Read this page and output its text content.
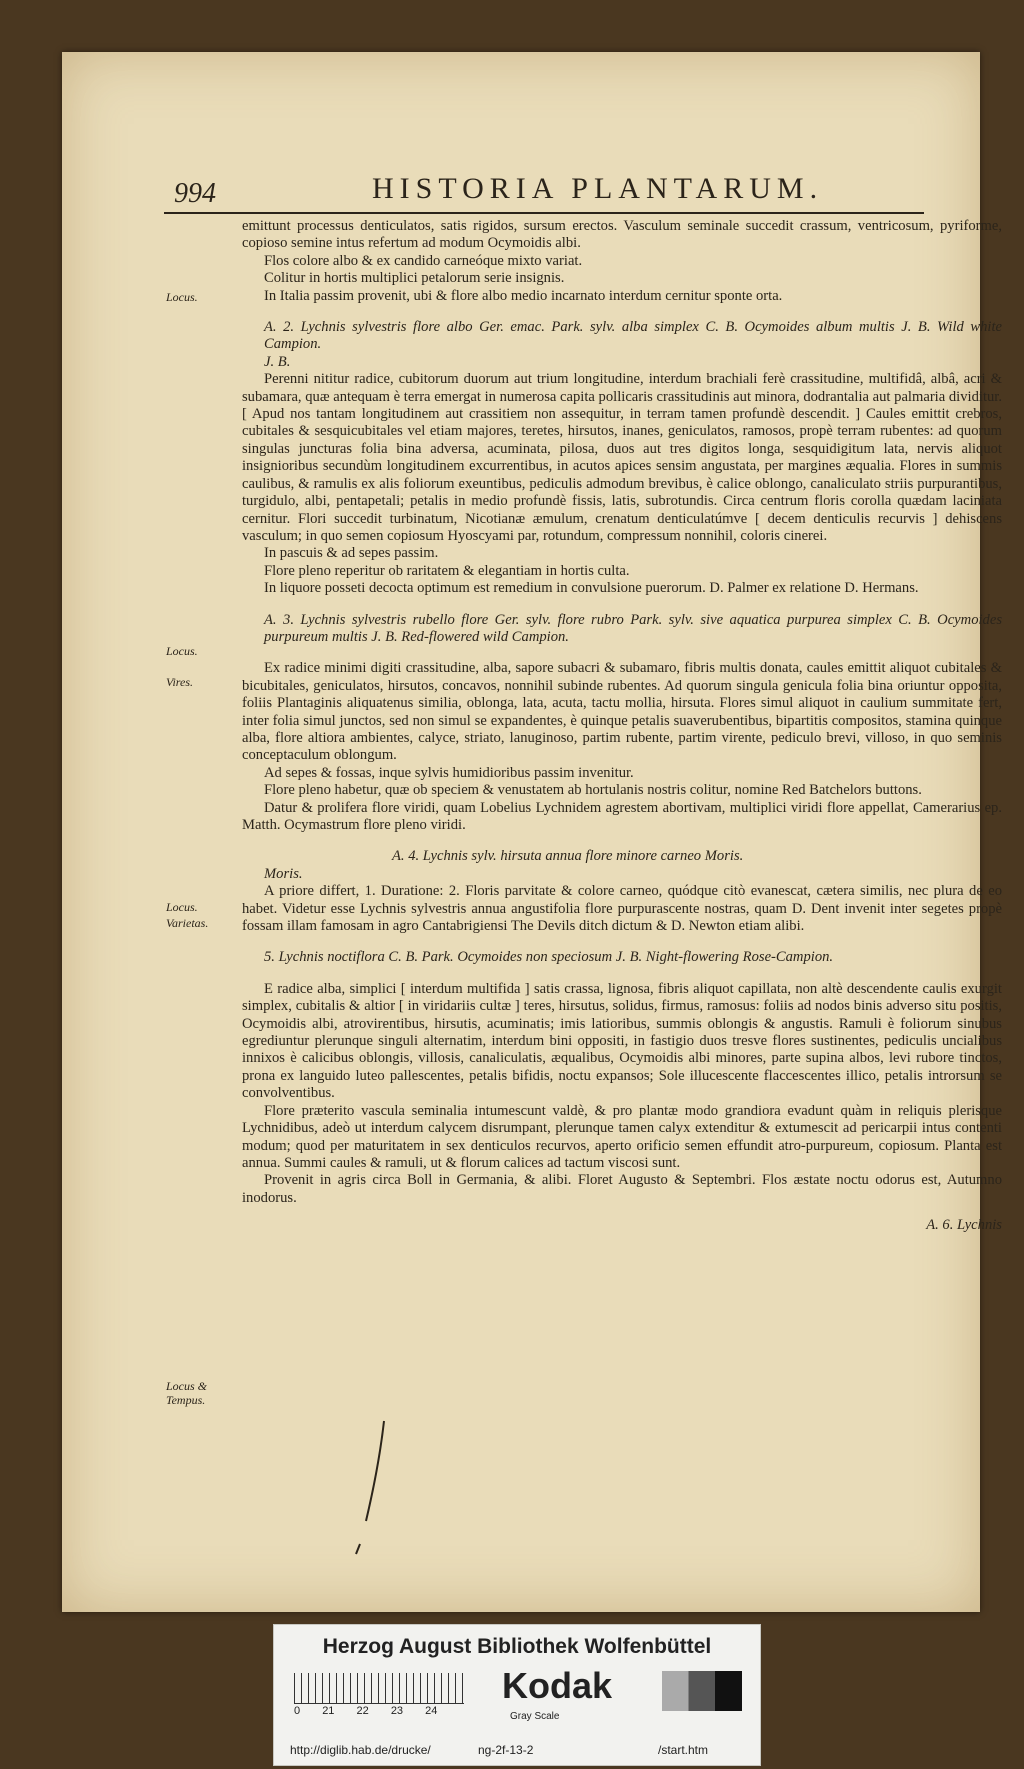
994	HISTORIA PLANTARUM.
Locus.
Locus.
Vires.
Locus.
Varietas.
Locus &
Tempus.

emittunt processus denticulatos, satis rigidos, sursum erectos. Vasculum seminale succedit crassum, ventricosum, pyriforme, copioso semine intus refertum ad modum Ocymoidis albi.

Flos colore albo & ex candido carneóque mixto variat.

Colitur in hortis multiplici petalorum serie insignis.

In Italia passim provenit, ubi & flore albo medio incarnato interdum cernitur sponte orta.

A. 2. Lychnis sylvestris flore albo Ger. emac. Park. sylv. alba simplex C. B. Ocymoides album multis J. B. Wild white Campion.

J. B.

Perenni nititur radice, cubitorum duorum aut trium longitudine, interdum brachiali ferè crassitudine, multifidâ, albâ, acri & subamara, quæ antequam è terra emergat in numerosa capita pollicaris crassitudinis aut minora, dodrantalia aut palmaria dividitur. [ Apud nos tantam longitudinem aut crassitiem non assequitur, in terram tamen profundè descendit. ] Caules emittit crebros, cubitales & sesquicubitales vel etiam majores, teretes, hirsutos, inanes, geniculatos, ramosos, propè terram rubentes: ad quorum singulas juncturas folia bina adversa, acuminata, pilosa, duos aut tres digitos longa, sesquidigitum lata, nervis aliquot insignioribus secundùm longitudinem excurrentibus, in acutos apices sensim angustata, per margines æqualia. Flores in summis caulibus, & ramulis ex alis foliorum exeuntibus, pediculis admodum brevibus, è calice oblongo, canaliculato striis purpurantibus, turgidulo, albi, pentapetali; petalis in medio profundè fissis, latis, subrotundis. Circa centrum floris corolla quædam laciniata cernitur. Flori succedit turbinatum, Nicotianæ æmulum, crenatum denticulatúmve [ decem denticulis recurvis ] dehiscens vasculum; in quo semen copiosum Hyoscyami par, rotundum, compressum nonnihil, coloris cinerei.

In pascuis & ad sepes passim.

Flore pleno reperitur ob raritatem & elegantiam in hortis culta.

In liquore posseti decocta optimum est remedium in convulsione puerorum. D. Palmer ex relatione D. Hermans.

A. 3. Lychnis sylvestris rubello flore Ger. sylv. flore rubro Park. sylv. sive aquatica purpurea simplex C. B. Ocymoides purpureum multis J. B. Red-flowered wild Campion.

Ex radice minimi digiti crassitudine, alba, sapore subacri & subamaro, fibris multis donata, caules emittit aliquot cubitales & bicubitales, geniculatos, hirsutos, concavos, nonnihil subinde rubentes. Ad quorum singula genicula folia bina oriuntur opposita, foliis Plantaginis aliquatenus similia, oblonga, lata, acuta, tactu mollia, hirsuta. Flores simul aliquot in caulium summitate fert, inter folia simul junctos, sed non simul se expandentes, è quinque petalis suaverubentibus, bipartitis compositos, stamina quinque alba, flore altiora ambientes, calyce, striato, lanuginoso, partim rubente, partim virente, pediculo brevi, villoso, in quo seminis conceptaculum oblongum.

Ad sepes & fossas, inque sylvis humidioribus passim invenitur.

Flore pleno habetur, quæ ob speciem & venustatem ab hortulanis nostris colitur, nomine Red Batchelors buttons.

Datur & prolifera flore viridi, quam Lobelius Lychnidem agrestem abortivam, multiplici viridi flore appellat, Camerarius ep. Matth. Ocymastrum flore pleno viridi.

A. 4. Lychnis sylv. hirsuta annua flore minore carneo Moris.

Moris.

A priore differt, 1. Duratione: 2. Floris parvitate & colore carneo, quódque citò evanescat, cætera similis, nec plura de eo habet. Videtur esse Lychnis sylvestris annua angustifolia flore purpurascente nostras, quam D. Dent invenit inter segetes propè fossam illam famosam in agro Cantabrigiensi The Devils ditch dictum & D. Newton etiam alibi.

5. Lychnis noctiflora C. B. Park. Ocymoides non speciosum J. B. Night-flowering Rose-Campion.

E radice alba, simplici [ interdum multifida ] satis crassa, lignosa, fibris aliquot capillata, non altè descendente caulis exurgit simplex, cubitalis & altior [ in viridariis cultæ ] teres, hirsutus, solidus, firmus, ramosus: foliis ad nodos binis adverso situ positis, Ocymoidis albi, atrovirentibus, hirsutis, acuminatis; imis latioribus, summis oblongis & angustis. Ramuli è foliorum sinubus egrediuntur plerunque singuli alternatim, interdum bini oppositi, in fastigio duos tresve flores sustinentes, pediculis uncialibus innixos è calicibus oblongis, villosis, canaliculatis, æqualibus, Ocymoidis albi minores, parte supina albos, levi rubore tinctos, prona ex languido luteo pallescentes, petalis bifidis, noctu expansos; Sole illucescente flaccescentes illico, petalis introrsum se convolventibus.

Flore præterito vascula seminalia intumescunt valdè, & pro plantæ modo grandiora evadunt quàm in reliquis plerisque Lychnidibus, adeò ut interdum calycem disrumpant, plerunque tamen calyx extenditur & extumescit ad pericarpii intus contenti modum; quod per maturitatem in sex denticulos recurvos, aperto orificio semen effundit atro-purpureum, copiosum. Planta est annua. Summi caules & ramuli, ut & florum calices ad tactum viscosi sunt.

Provenit in agris circa Boll in Germania, & alibi. Floret Augusto & Septembri. Flos æstate noctu odorus est, Autumno inodorus.

A. 6. Lychnis

Herzog August Bibliothek Wolfenbüttel
0 21 22 23 24
Kodak
Gray Scale
http://diglib.hab.de/drucke/	ng-2f-13-2	/start.htm
